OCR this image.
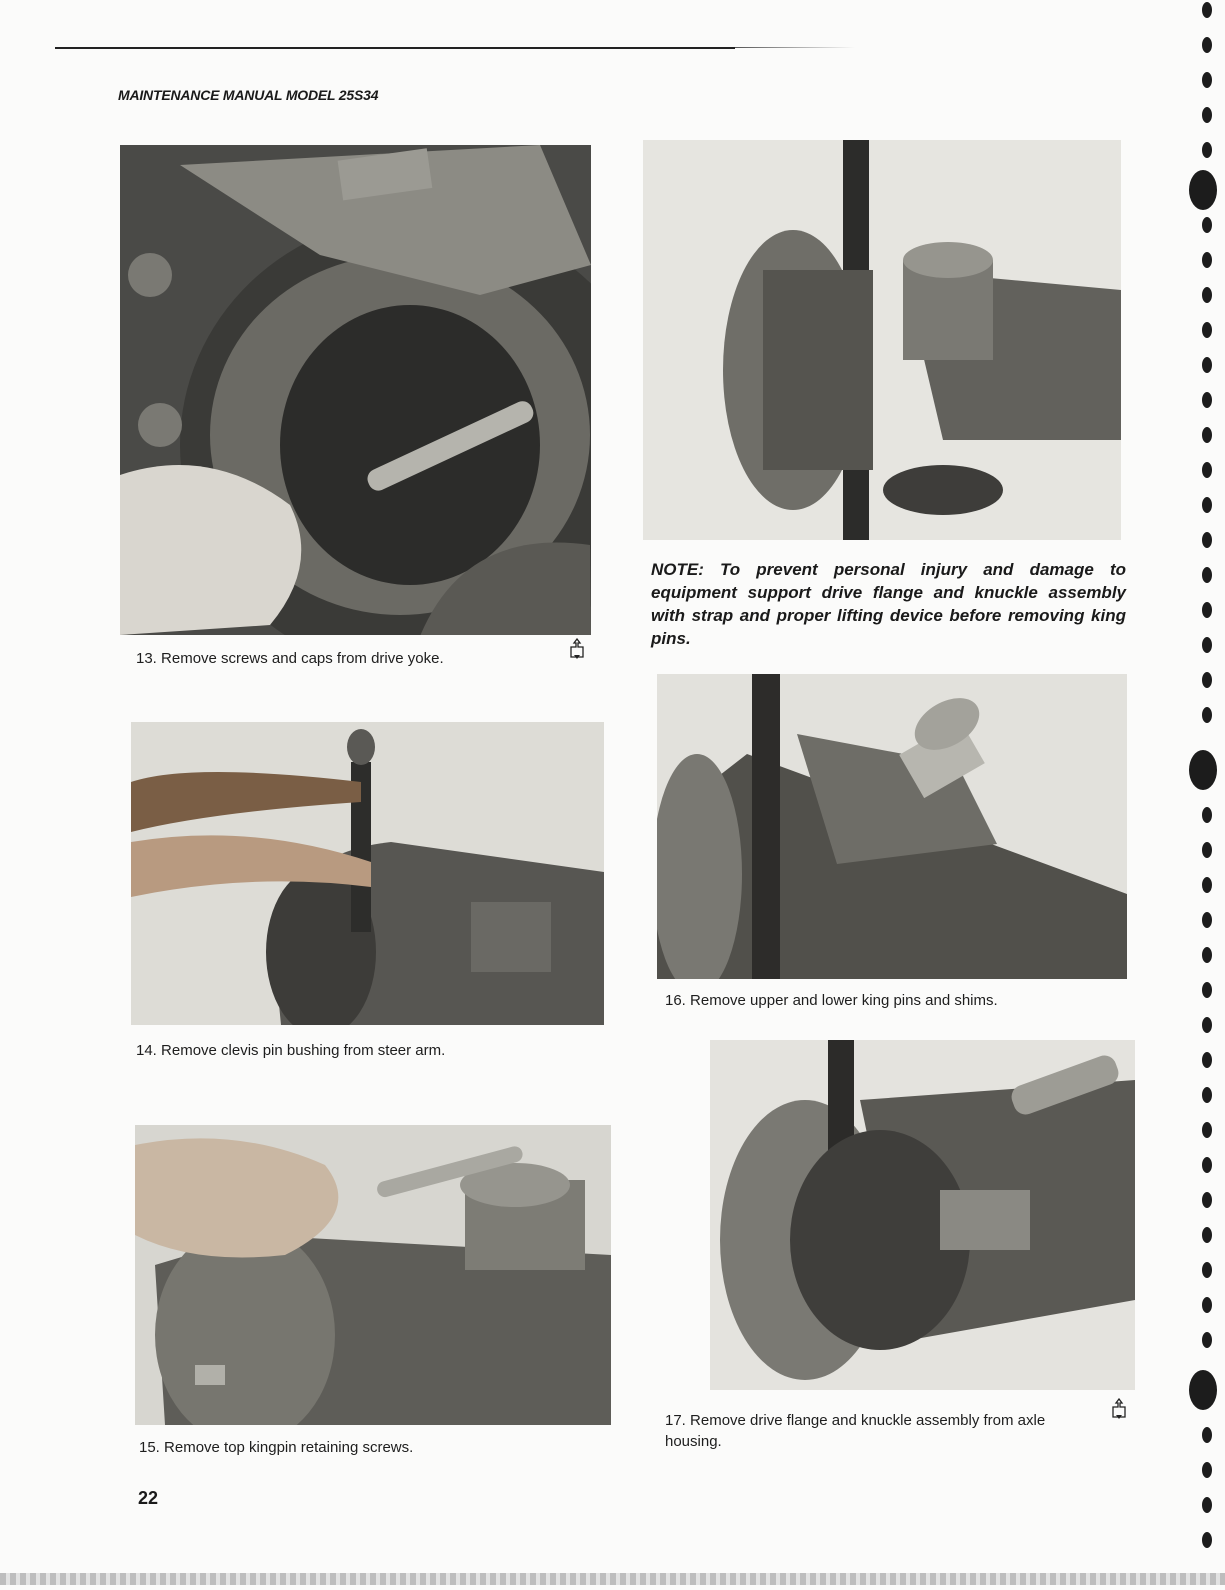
MAINTENANCE MANUAL MODEL 25S34
13. Remove screws and caps from drive yoke.
14. Remove clevis pin bushing from steer arm.
15. Remove top kingpin retaining screws.
NOTE: To prevent personal injury and damage to equipment support drive flange and knuckle assembly with strap and proper lifting device before removing king pins.
16. Remove upper and lower king pins and shims.
17. Remove drive flange and knuckle assembly from axle housing.
22
